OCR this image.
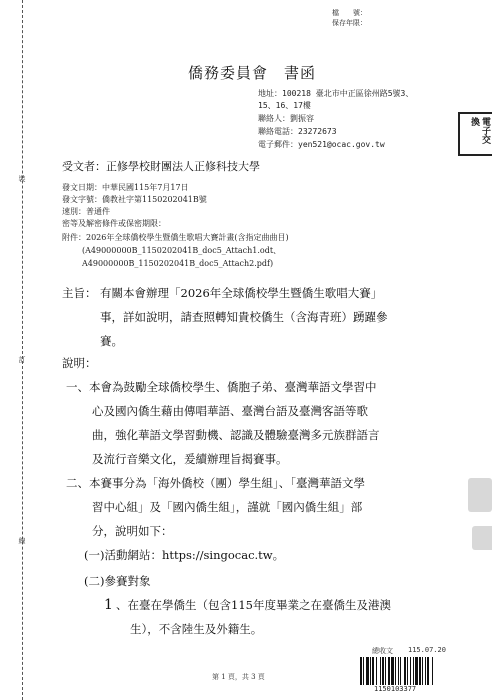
裝
訂
線
檔　　號：
保存年限：
僑務委員會　書函
地址：100218 臺北市中正區徐州路5號3、
15、16、17樓
聯絡人：劉振容
聯絡電話：23272673
電子郵件：yen521@ocac.gov.tw
電子交換
受文者：正修學校財團法人正修科技大學
發文日期：中華民國115年7月17日
發文字號：僑教社字第1150202041B號
速別：普通件
密等及解密條件或保密期限：
附件：2026年全球僑校學生暨僑生歌唱大賽計畫(含指定曲曲目)
(A49000000B_1150202041B_doc5_Attach1.odt、
A49000000B_1150202041B_doc5_Attach2.pdf)
主旨： 有關本會辦理「2026年全球僑校學生暨僑生歌唱大賽」
事，詳如說明，請查照轉知貴校僑生（含海青班）踴躍參
賽。
說明：
一、本會為鼓勵全球僑校學生、僑胞子弟、臺灣華語文學習中
心及國內僑生藉由傳唱華語、臺灣台語及臺灣客語等歌
曲，強化華語文學習動機、認識及體驗臺灣多元族群語言
及流行音樂文化，爰續辦理旨揭賽事。
二、本賽事分為「海外僑校（團）學生組」、「臺灣華語文學
習中心組」及「國內僑生組」，謹就「國內僑生組」部
分，說明如下：
(一)活動網站：https://singocac.tw。
(二)參賽對象
1 、在臺在學僑生（包含115年度畢業之在臺僑生及港澳
生），不含陸生及外籍生。
總收文 115.07.20
第 1 頁，共 3 頁
1150103377
